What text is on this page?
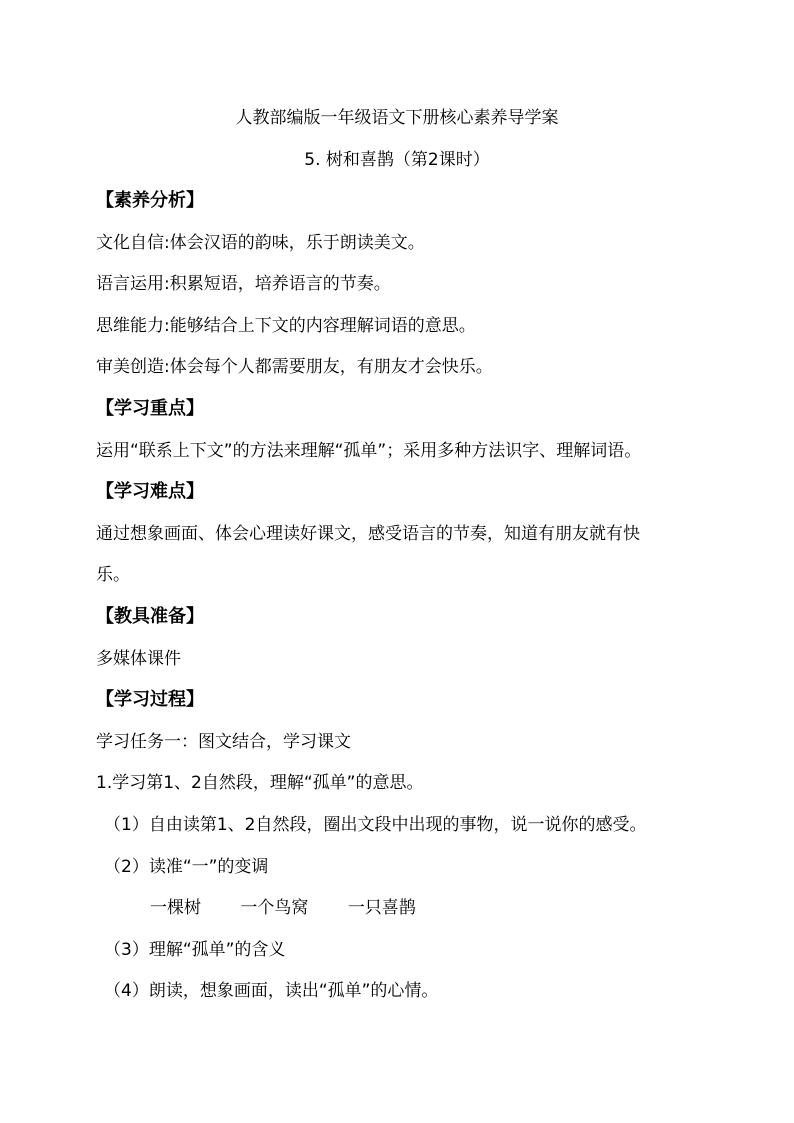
人教部编版一年级语文下册核心素养导学案
5. 树和喜鹊（第2课时）
【素养分析】
文化自信:体会汉语的韵味，乐于朗读美文。
语言运用:积累短语，培养语言的节奏。
思维能力:能够结合上下文的内容理解词语的意思。
审美创造:体会每个人都需要朋友，有朋友才会快乐。
【学习重点】
运用“联系上下文”的方法来理解“孤单”；采用多种方法识字、理解词语。
【学习难点】
通过想象画面、体会心理读好课文，感受语言的节奏，知道有朋友就有快
乐。
【教具准备】
多媒体课件
【学习过程】
学习任务一：图文结合，学习课文
1.学习第1、2自然段，理解“孤单”的意思。
（1）自由读第1、2自然段，圈出文段中出现的事物，说一说你的感受。
（2）读准“一”的变调
一棵树 一个鸟窝 一只喜鹊
（3）理解“孤单”的含义
（4）朗读，想象画面，读出“孤单”的心情。
